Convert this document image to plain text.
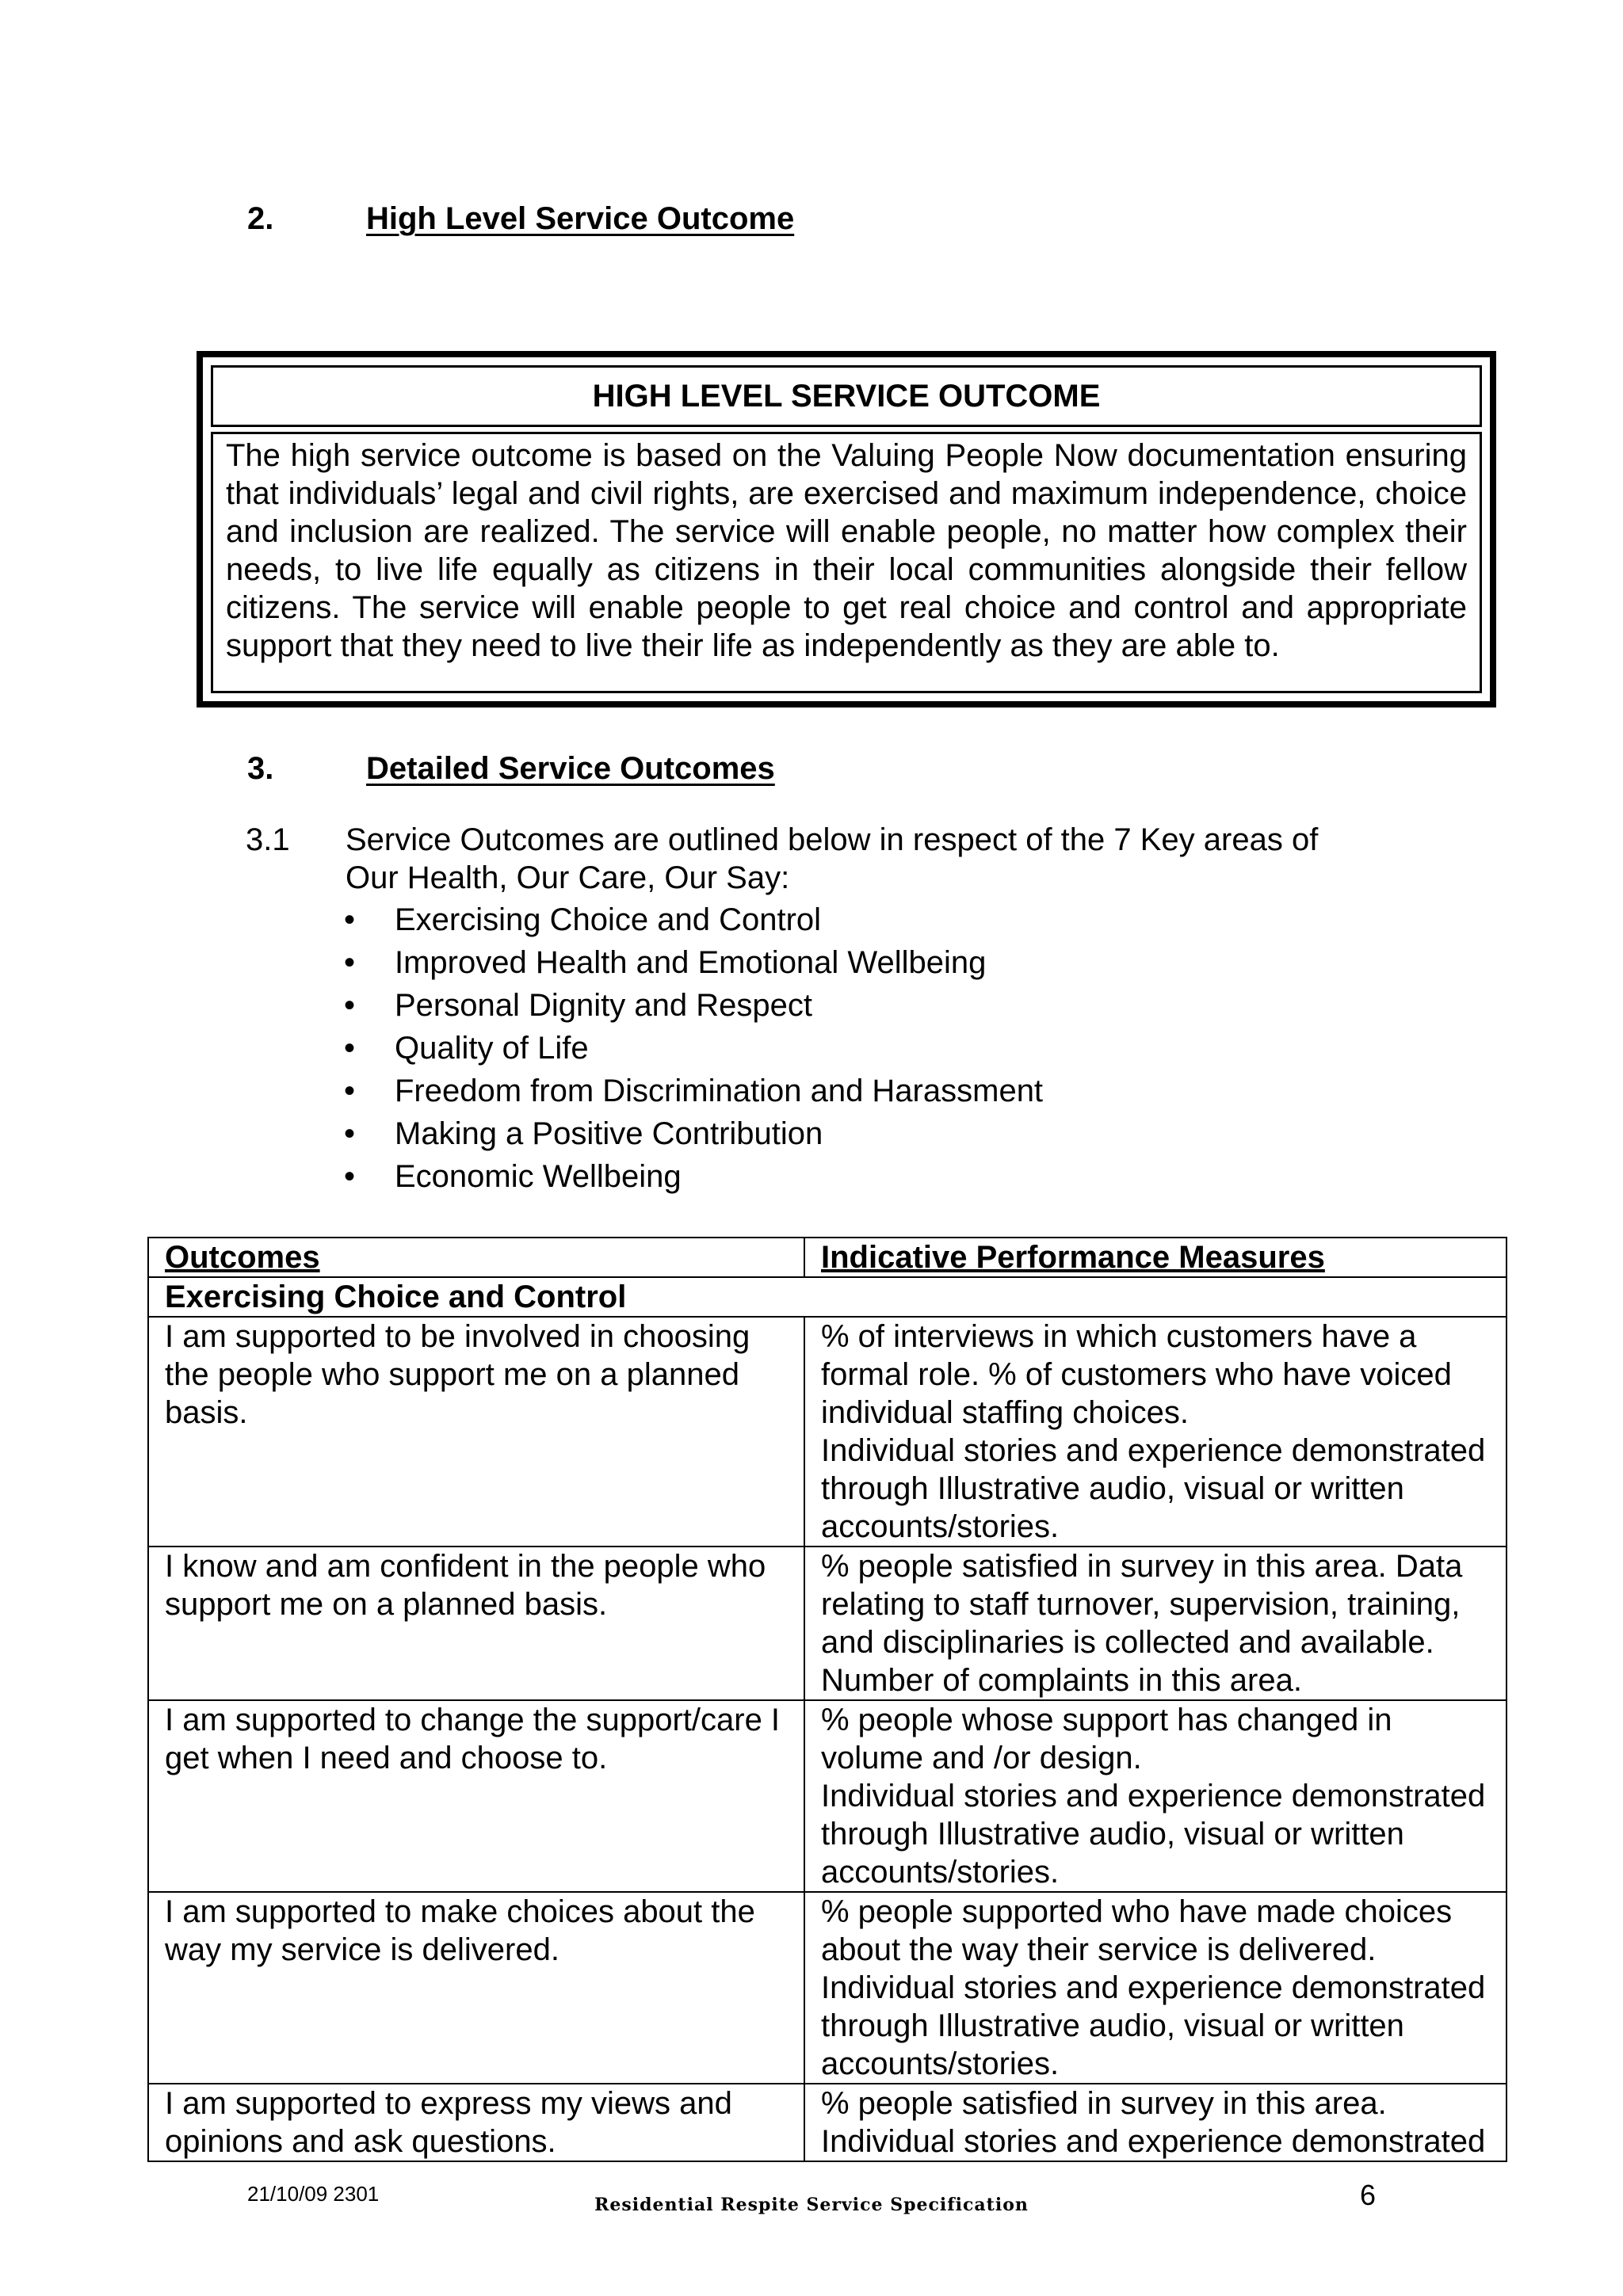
2.	High Level Service Outcome
HIGH LEVEL SERVICE OUTCOME
The high service outcome is based on the Valuing People Now documentation ensuring that individuals’ legal and civil rights, are exercised and maximum independence, choice and inclusion are realized. The service will enable people, no matter how complex their needs, to live life equally as citizens in their local communities alongside their fellow citizens. The service will enable people to get real choice and control and appropriate support that they need to live their life as independently as they are able to.
3.	Detailed Service Outcomes
3.1 Service Outcomes are outlined below in respect of the 7 Key areas of
Our Health, Our Care, Our Say:
• Exercising Choice and Control
• Improved Health and Emotional Wellbeing
• Personal Dignity and Respect
• Quality of Life
• Freedom from Discrimination and Harassment
• Making a Positive Contribution
• Economic Wellbeing
Outcomes	Indicative Performance Measures
Exercising Choice and Control	
I am supported to be involved in choosing the people who support me on a planned basis.	% of interviews in which customers have a formal role. % of customers who have voiced individual staffing choices.
Individual stories and experience demonstrated through Illustrative audio, visual or written accounts/stories.

I know and am confident in the people who support me on a planned basis.	% people satisfied in survey in this area. Data relating to staff turnover, supervision, training, and disciplinaries is collected and available.
Number of complaints in this area.

I am supported to change the support/care I get when I need and choose to.	% people whose support has changed in volume and /or design.
Individual stories and experience demonstrated through Illustrative audio, visual or written accounts/stories.

I am supported to make choices about the way my service is delivered.	% people supported who have made choices about the way their service is delivered.
Individual stories and experience demonstrated through Illustrative audio, visual or written accounts/stories.

I am supported to express my views and opinions and ask questions.	% people satisfied in survey in this area.
Individual stories and experience demonstrated
21/10/09 2301	Residential Respite Service Specification	6
